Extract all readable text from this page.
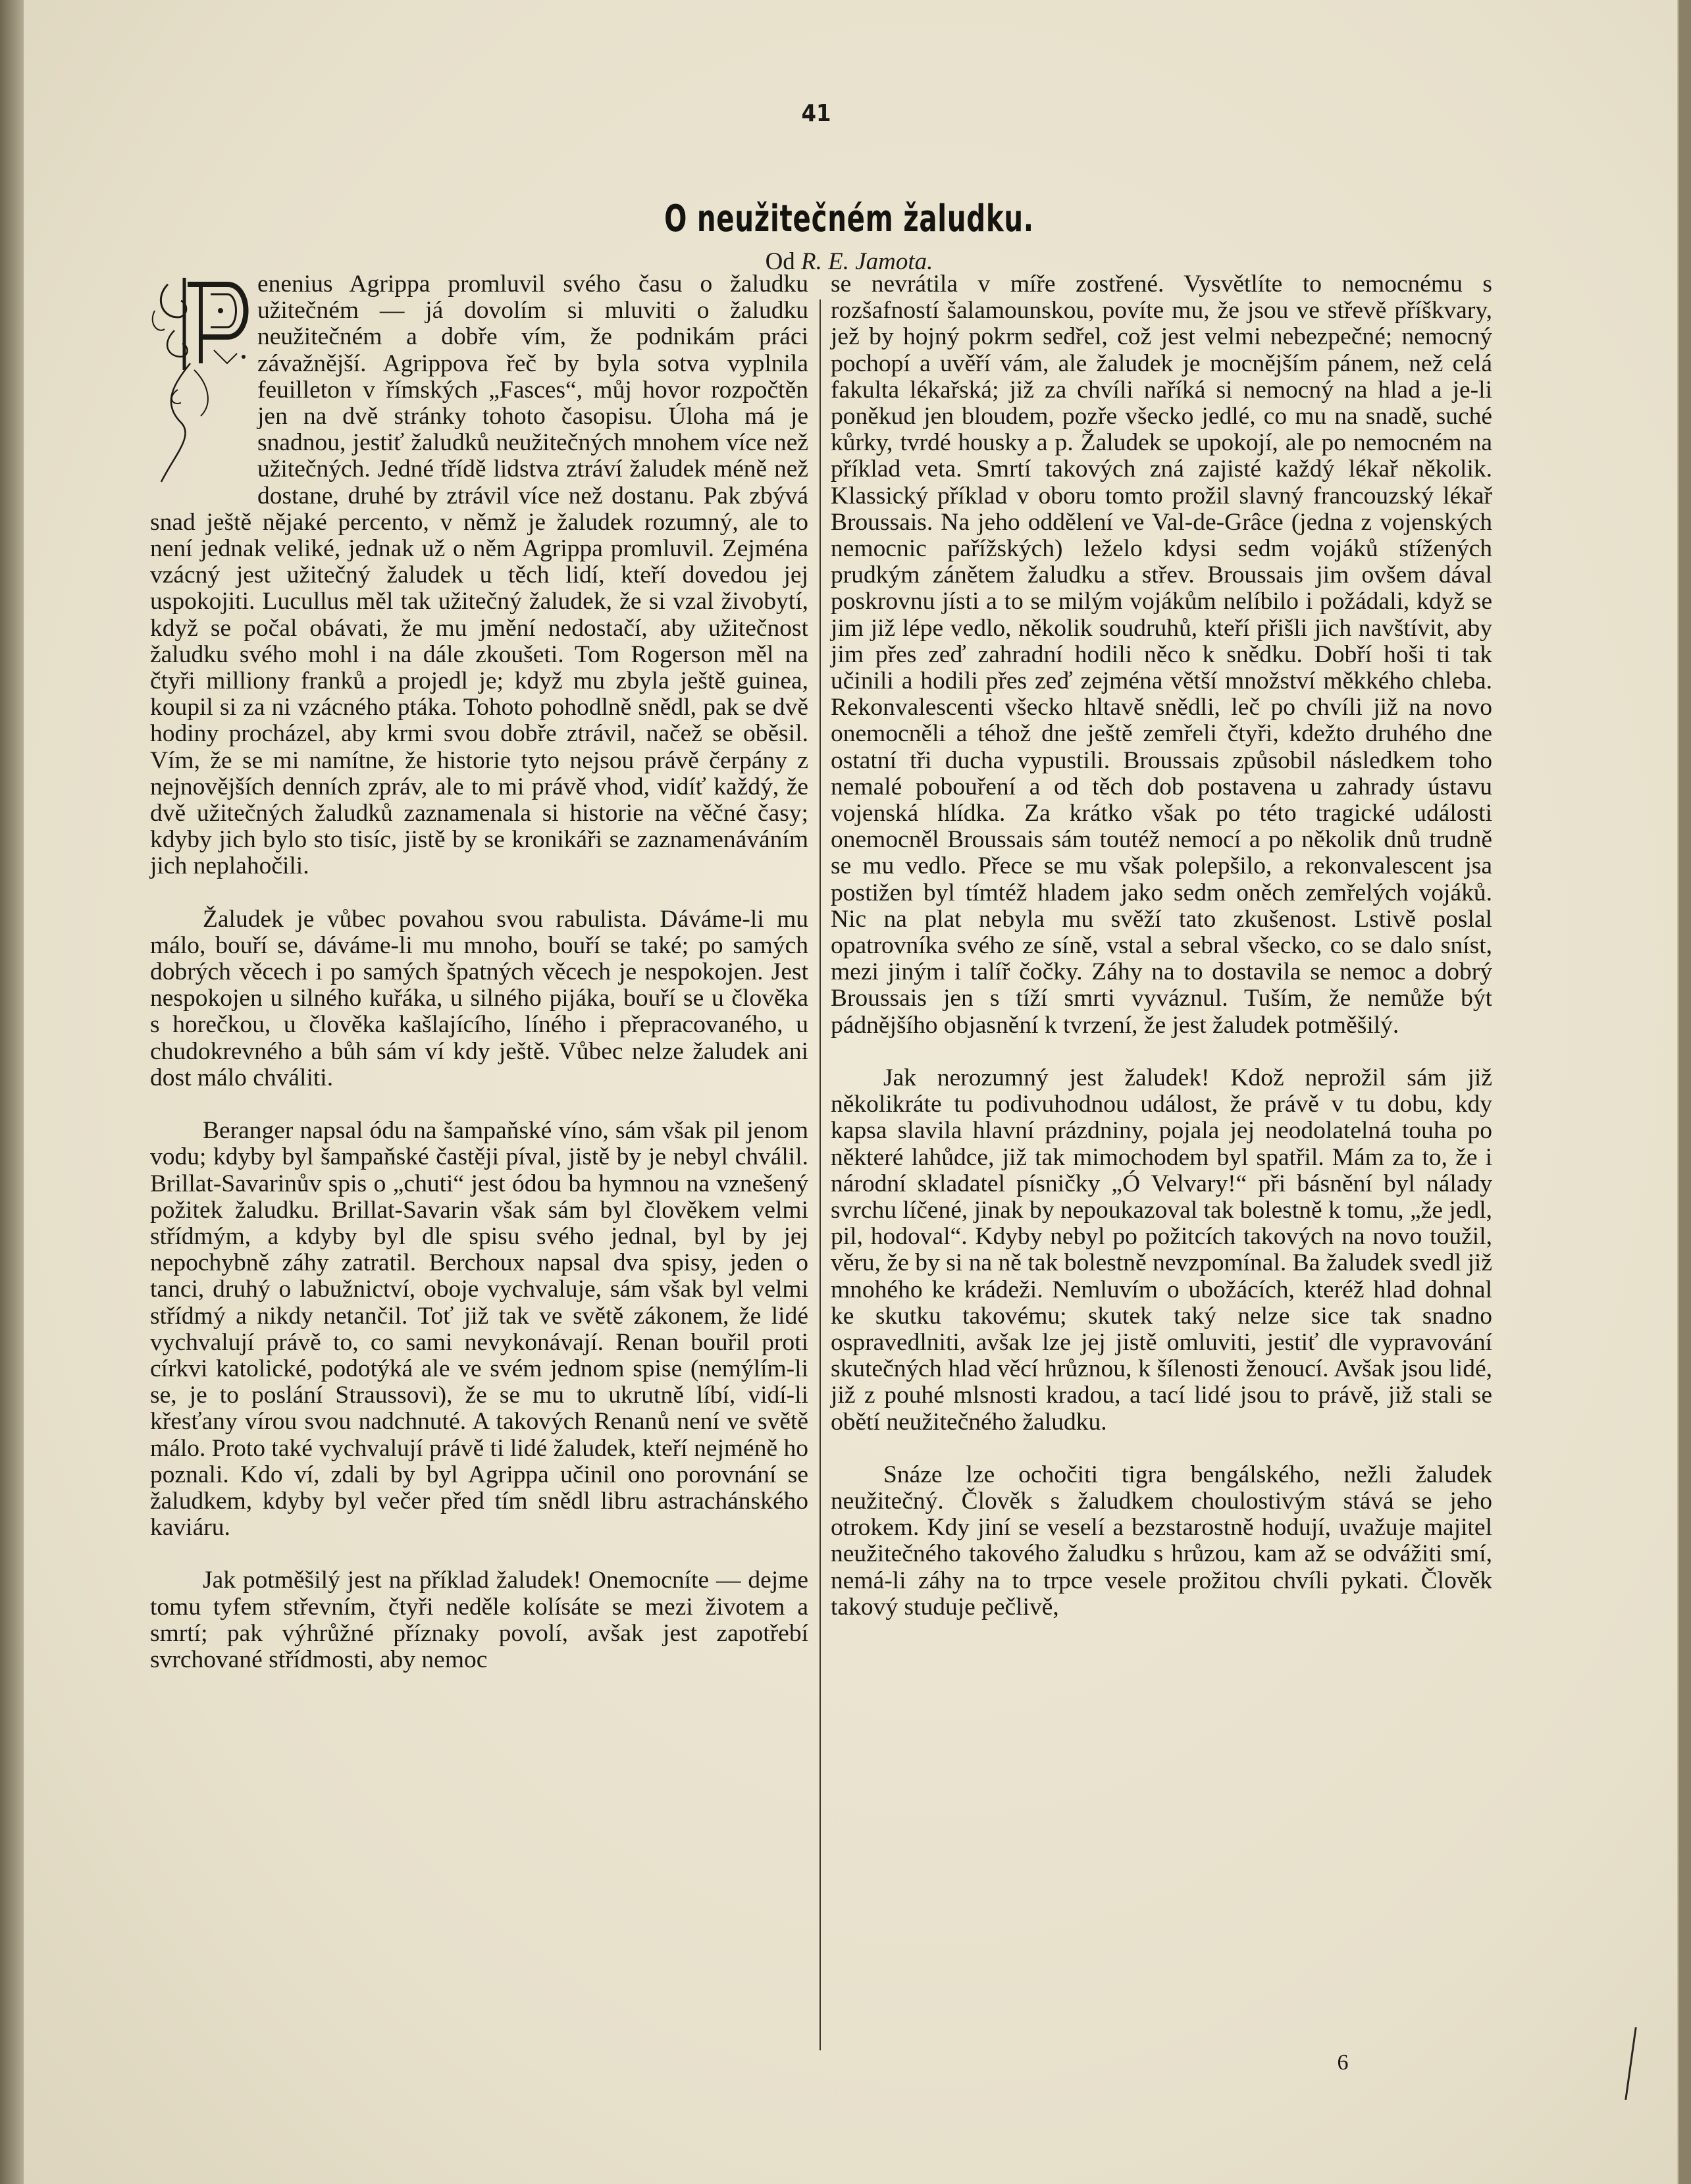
41
O neužitečném žaludku.
Od R. E. Jamota.

enenius Agrippa promluvil svého času o žaludku užitečném — já dovolím si mluviti o žaludku neužitečném a dobře vím, že podnikám práci závažnější. Agrippova řeč by byla sotva vyplnila feuilleton v římských „Fasces“, můj hovor rozpočtěn jen na dvě stránky tohoto časopisu. Úloha má je snadnou, jestiť žaludků neužitečných mnohem více než užitečných. Jedné třídě lidstva ztráví žaludek méně než dostane, druhé by ztrávil více než dostanu. Pak zbývá snad ještě nějaké percento, v němž je žaludek rozumný, ale to není jednak veliké, jednak už o něm Agrippa promluvil. Zejména vzácný jest užitečný žaludek u těch lidí, kteří dovedou jej uspokojiti. Lucullus měl tak užitečný žaludek, že si vzal živobytí, když se počal obávati, že mu jmění nedostačí, aby užitečnost žaludku svého mohl i na dále zkoušeti. Tom Rogerson měl na čtyři milliony franků a projedl je; když mu zbyla ještě guinea, koupil si za ni vzácného ptáka. Tohoto pohodlně snědl, pak se dvě hodiny procházel, aby krmi svou dobře ztrávil, načež se oběsil. Vím, že se mi namítne, že historie tyto nejsou právě čerpány z nejnovějších denních zpráv, ale to mi právě vhod, vidíť každý, že dvě užitečných žaludků zaznamenala si historie na věčné časy; kdyby jich bylo sto tisíc, jistě by se kronikáři se zaznamenáváním jich neplahočili.

Žaludek je vůbec povahou svou rabulista. Dáváme-li mu málo, bouří se, dáváme-li mu mnoho, bouří se také; po samých dobrých věcech i po samých špatných věcech je nespokojen. Jest nespokojen u silného kuřáka, u silného pijáka, bouří se u člověka s horečkou, u člověka kašlajícího, líného i přepracovaného, u chudokrevného a bůh sám ví kdy ještě. Vůbec nelze žaludek ani dost málo chváliti.

Beranger napsal ódu na šampaňské víno, sám však pil jenom vodu; kdyby byl šampaňské častěji píval, jistě by je nebyl chválil. Brillat-Savarinův spis o „chuti“ jest ódou ba hymnou na vznešený požitek žaludku. Brillat-Savarin však sám byl člověkem velmi střídmým, a kdyby byl dle spisu svého jednal, byl by jej nepochybně záhy zatratil. Berchoux napsal dva spisy, jeden o tanci, druhý o labužnictví, oboje vychvaluje, sám však byl velmi střídmý a nikdy netančil. Toť již tak ve světě zákonem, že lidé vychvalují právě to, co sami nevykonávají. Renan bouřil proti církvi katolické, podotýká ale ve svém jednom spise (nemýlím-li se, je to poslání Straussovi), že se mu to ukrutně líbí, vidí-li křesťany vírou svou nadchnuté. A takových Renanů není ve světě málo. Proto také vychvalují právě ti lidé žaludek, kteří nejméně ho poznali. Kdo ví, zdali by byl Agrippa učinil ono porovnání se žaludkem, kdyby byl večer před tím snědl libru astrachánského kaviáru.

Jak potměšilý jest na příklad žaludek! Onemocníte — dejme tomu tyfem střevním, čtyři neděle kolísáte se mezi životem a smrtí; pak výhrůžné příznaky povolí, avšak jest zapotřebí svrchované střídmosti, aby nemoc

se nevrátila v míře zostřené. Vysvětlíte to nemocnému s rozšafností šalamounskou, povíte mu, že jsou ve střevě příškvary, jež by hojný pokrm sedřel, což jest velmi nebezpečné; nemocný pochopí a uvěří vám, ale žaludek je mocnějším pánem, než celá fakulta lékařská; již za chvíli naříká si nemocný na hlad a je-li poněkud jen bloudem, pozře všecko jedlé, co mu na snadě, suché kůrky, tvrdé housky a p. Žaludek se upokojí, ale po nemocném na příklad veta. Smrtí takových zná zajisté každý lékař několik. Klassický příklad v oboru tomto prožil slavný francouzský lékař Broussais. Na jeho oddělení ve Val-de-Grâce (jedna z vojenských nemocnic pařížských) leželo kdysi sedm vojáků stížených prudkým zánětem žaludku a střev. Broussais jim ovšem dával poskrovnu jísti a to se milým vojákům nelíbilo i požádali, když se jim již lépe vedlo, několik soudruhů, kteří přišli jich navštívit, aby jim přes zeď zahradní hodili něco k snědku. Dobří hoši ti tak učinili a hodili přes zeď zejména větší množství měkkého chleba. Rekonvalescenti všecko hltavě snědli, leč po chvíli již na novo onemocněli a téhož dne ještě zemřeli čtyři, kdežto druhého dne ostatní tři ducha vypustili. Broussais způsobil následkem toho nemalé pobouření a od těch dob postavena u zahrady ústavu vojenská hlídka. Za krátko však po této tragické události onemocněl Broussais sám toutéž nemocí a po několik dnů trudně se mu vedlo. Přece se mu však polepšilo, a rekonvalescent jsa postižen byl tímtéž hladem jako sedm oněch zemřelých vojáků. Nic na plat nebyla mu svěží tato zkušenost. Lstivě poslal opatrovníka svého ze síně, vstal a sebral všecko, co se dalo sníst, mezi jiným i talíř čočky. Záhy na to dostavila se nemoc a dobrý Broussais jen s tíží smrti vyváznul. Tuším, že nemůže být pádnějšího objasnění k tvrzení, že jest žaludek potměšilý.

Jak nerozumný jest žaludek! Kdož neprožil sám již několikráte tu podivuhodnou událost, že právě v tu dobu, kdy kapsa slavila hlavní prázdniny, pojala jej neodolatelná touha po některé lahůdce, již tak mimochodem byl spatřil. Mám za to, že i národní skladatel písničky „Ó Velvary!“ při básnění byl nálady svrchu líčené, jinak by nepoukazoval tak bolestně k tomu, „že jedl, pil, hodoval“. Kdyby nebyl po požitcích takových na novo toužil, věru, že by si na ně tak bolestně nevzpomínal. Ba žaludek svedl již mnohého ke krádeži. Nemluvím o ubožácích, kteréž hlad dohnal ke skutku takovému; skutek taký nelze sice tak snadno ospravedlniti, avšak lze jej jistě omluviti, jestiť dle vypravování skutečných hlad věcí hrůznou, k šílenosti ženoucí. Avšak jsou lidé, již z pouhé mlsnosti kradou, a tací lidé jsou to právě, již stali se obětí neužitečného žaludku.

Snáze lze ochočiti tigra bengálského, nežli žaludek neužitečný. Člověk s žaludkem choulostivým stává se jeho otrokem. Kdy jiní se veselí a bezstarostně hodují, uvažuje majitel neužitečného takového žaludku s hrůzou, kam až se odvážiti smí, nemá-li záhy na to trpce vesele prožitou chvíli pykati. Člověk takový studuje pečlivě,

6
